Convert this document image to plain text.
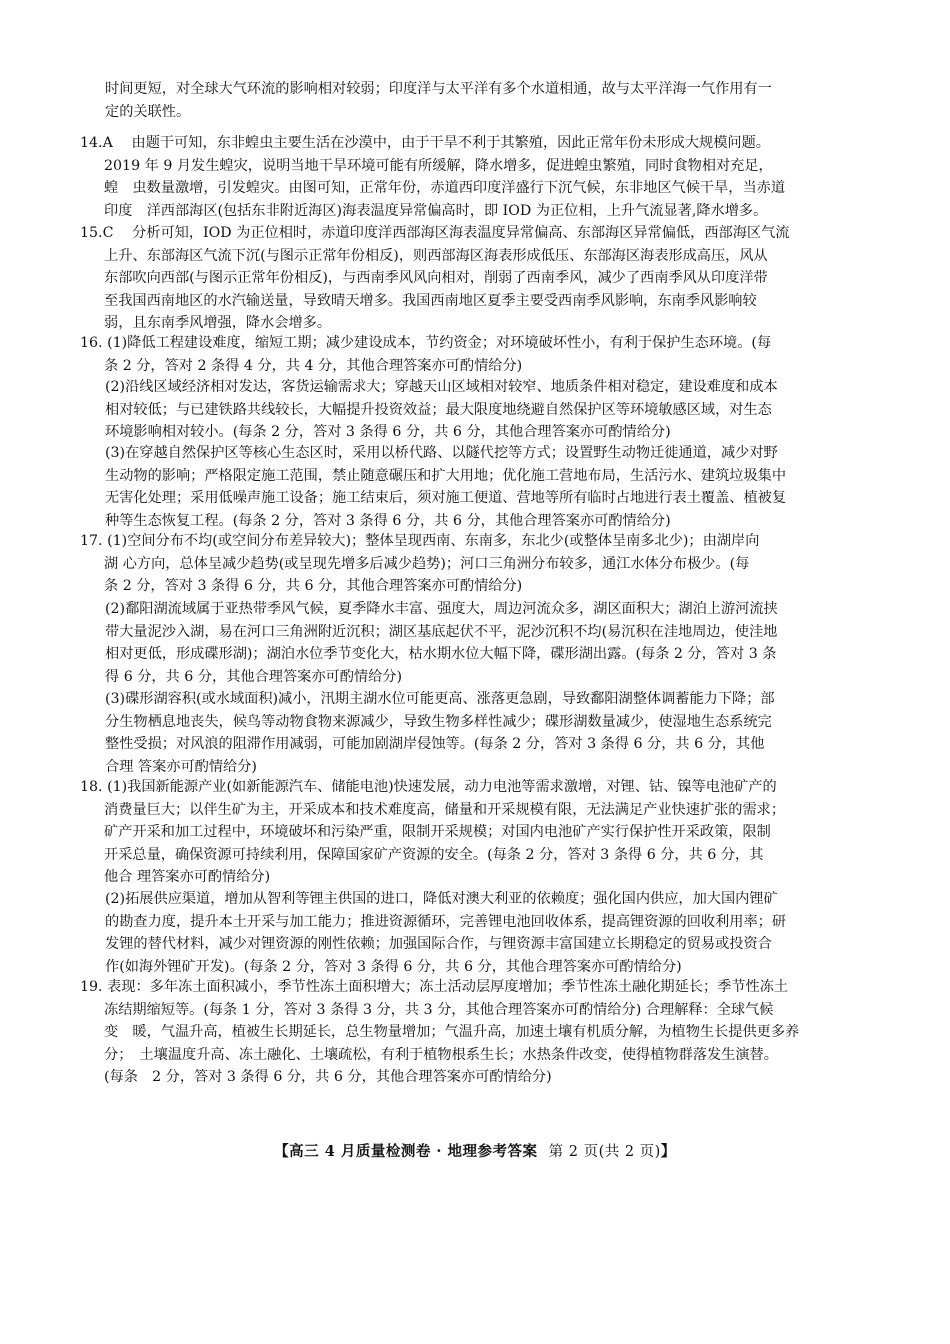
时间更短，对全球大气环流的影响相对较弱；印度洋与太平洋有多个水道相通，故与太平洋海一气作用有一
定的关联性。
14.A　 由题干可知，东非蝗虫主要生活在沙漠中，由于干旱不利于其繁殖，因此正常年份未形成大规模问题。
2019 年 9 月发生蝗灾，说明当地干旱环境可能有所缓解，降水增多，促进蝗虫繁殖，同时食物相对充足，
蝗　虫数量激增，引发蝗灾。由图可知，正常年份，赤道西印度洋盛行下沉气候，东非地区气候干旱，当赤道
印度　洋西部海区(包括东非附近海区)海表温度异常偏高时，即 IOD 为正位相，上升气流显著,降水增多。
15.C　 分析可知，IOD 为正位相时，赤道印度洋西部海区海表温度异常偏高、东部海区异常偏低，西部海区气流
上升、东部海区气流下沉(与图示正常年份相反)，则西部海区海表形成低压、东部海区海表形成高压，风从
东部吹向西部(与图示正常年份相反)，与西南季风风向相对，削弱了西南季风，减少了西南季风从印度洋带
至我国西南地区的水汽输送量，导致晴天增多。我国西南地区夏季主要受西南季风影响，东南季风影响较
弱，且东南季风增强，降水会增多。
16. (1)降低工程建设难度，缩短工期；减少建设成本，节约资金；对环境破坏性小，有利于保护生态环境。(每
条 2 分，答对 2 条得 4 分，共 4 分，其他合理答案亦可酌情给分)
(2)沿线区域经济相对发达，客货运输需求大；穿越天山区域相对较窄、地质条件相对稳定，建设难度和成本
相对较低；与已建铁路共线较长，大幅提升投资效益；最大限度地绕避自然保护区等环境敏感区域，对生态
环境影响相对较小。(每条 2 分，答对 3 条得 6 分，共 6 分，其他合理答案亦可酌情给分)
(3)在穿越自然保护区等核心生态区时，采用以桥代路、以隧代挖等方式；设置野生动物迁徙通道，减少对野
生动物的影响；严格限定施工范围，禁止随意碾压和扩大用地；优化施工营地布局，生活污水、建筑垃圾集中
无害化处理；采用低噪声施工设备；施工结束后，须对施工便道、营地等所有临时占地进行表土覆盖、植被复
种等生态恢复工程。(每条 2 分，答对 3 条得 6 分，共 6 分，其他合理答案亦可酌情给分)
17. (1)空间分布不均(或空间分布差异较大)；整体呈现西南、东南多，东北少(或整体呈南多北少)；由湖岸向
湖 心方向，总体呈减少趋势(或呈现先增多后减少趋势)；河口三角洲分布较多，通江水体分布极少。(每
条 2 分，答对 3 条得 6 分，共 6 分，其他合理答案亦可酌情给分)
(2)鄱阳湖流域属于亚热带季风气候，夏季降水丰富、强度大，周边河流众多，湖区面积大；湖泊上游河流挟
带大量泥沙入湖，易在河口三角洲附近沉积；湖区基底起伏不平，泥沙沉积不均(易沉积在洼地周边，使洼地
相对更低，形成碟形湖)；湖泊水位季节变化大，枯水期水位大幅下降，碟形湖出露。(每条 2 分，答对 3 条
得 6 分，共 6 分，其他合理答案亦可酌情给分)
(3)碟形湖容积(或水域面积)减小，汛期主湖水位可能更高、涨落更急剧，导致鄱阳湖整体调蓄能力下降；部
分生物栖息地丧失，候鸟等动物食物来源减少，导致生物多样性减少；碟形湖数量减少，使湿地生态系统完
整性受损；对风浪的阻滞作用减弱，可能加剧湖岸侵蚀等。(每条 2 分，答对 3 条得 6 分，共 6 分，其他
合理 答案亦可酌情给分)
18. (1)我国新能源产业(如新能源汽车、储能电池)快速发展，动力电池等需求激增，对锂、钴、镍等电池矿产的
消费量巨大；以伴生矿为主，开采成本和技术难度高，储量和开采规模有限，无法满足产业快速扩张的需求；
矿产开采和加工过程中，环境破坏和污染严重，限制开采规模；对国内电池矿产实行保护性开采政策，限制
开采总量，确保资源可持续利用，保障国家矿产资源的安全。(每条 2 分，答对 3 条得 6 分，共 6 分，其
他合 理答案亦可酌情给分)
(2)拓展供应渠道，增加从智利等锂主供国的进口，降低对澳大利亚的依赖度；强化国内供应，加大国内锂矿
的勘查力度，提升本土开采与加工能力；推进资源循环，完善锂电池回收体系，提高锂资源的回收利用率；研
发锂的替代材料，减少对锂资源的刚性依赖；加强国际合作，与锂资源丰富国建立长期稳定的贸易或投资合
作(如海外锂矿开发)。(每条 2 分，答对 3 条得 6 分，共 6 分，其他合理答案亦可酌情给分)
19. 表现：多年冻土面积减小，季节性冻土面积增大；冻土活动层厚度增加；季节性冻土融化期延长；季节性冻土
冻结期缩短等。(每条 1 分，答对 3 条得 3 分，共 3 分，其他合理答案亦可酌情给分) 合理解释：全球气候
变　暖，气温升高，植被生长期延长，总生物量增加；气温升高，加速土壤有机质分解，为植物生长提供更多养
分；　土壤温度升高、冻土融化、土壤疏松，有利于植物根系生长；水热条件改变，使得植物群落发生演替。
(每条　2 分，答对 3 条得 6 分，共 6 分，其他合理答案亦可酌情给分)
【高三 4 月质量检测卷 · 地理参考答案 第 2 页(共 2 页)】
